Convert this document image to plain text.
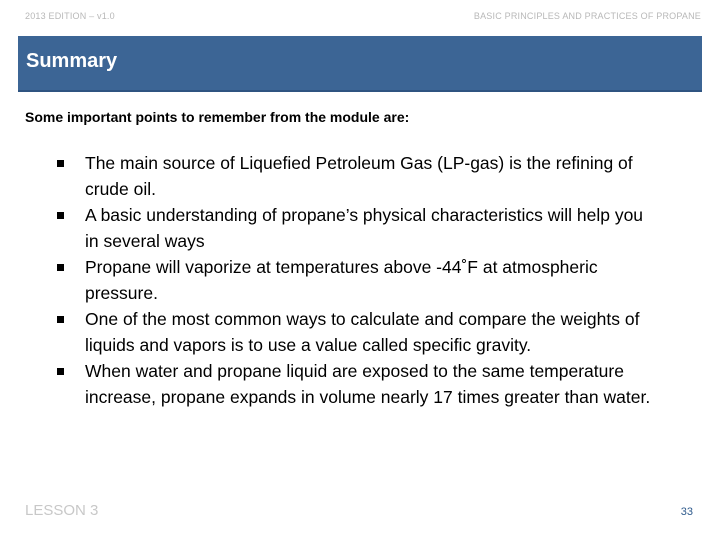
2013 EDITION – v1.0	BASIC PRINCIPLES AND PRACTICES OF PROPANE
Summary
Some important points to remember from the module are:
The main source of Liquefied Petroleum Gas (LP-gas) is the refining of crude oil.
A basic understanding of propane’s physical characteristics will help you in several ways
Propane will vaporize at temperatures above -44˚F at atmospheric pressure.
One of the most common ways to calculate and compare the weights of liquids and vapors is to use a value called specific gravity.
When water and propane liquid are exposed to the same temperature increase, propane expands in volume nearly 17 times greater than water.
LESSON 3	33
